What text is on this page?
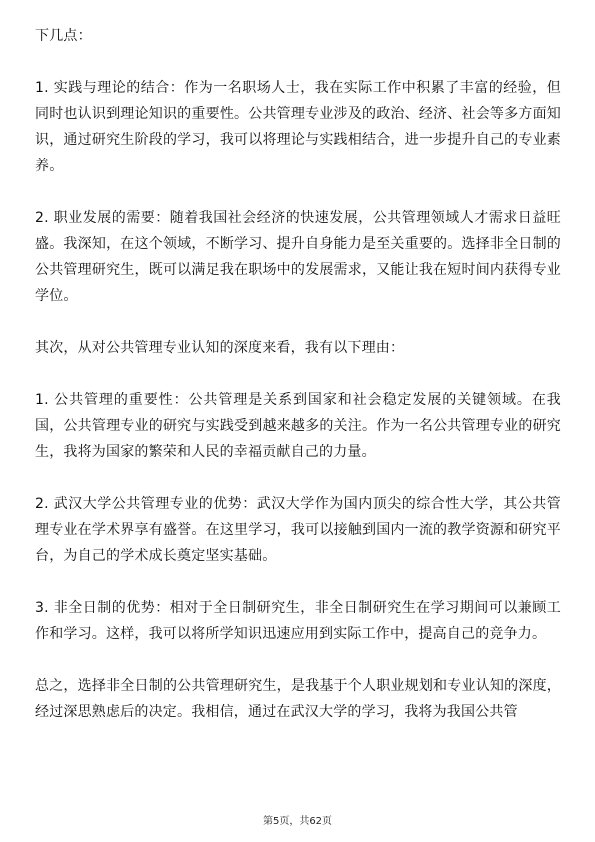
下几点：

1. 实践与理论的结合：作为一名职场人士，我在实际工作中积累了丰富的经验，但同时也认识到理论知识的重要性。公共管理专业涉及的政治、经济、社会等多方面知识，通过研究生阶段的学习，我可以将理论与实践相结合，进一步提升自己的专业素养。

2. 职业发展的需要：随着我国社会经济的快速发展，公共管理领域人才需求日益旺盛。我深知，在这个领域，不断学习、提升自身能力是至关重要的。选择非全日制的公共管理研究生，既可以满足我在职场中的发展需求，又能让我在短时间内获得专业学位。

其次，从对公共管理专业认知的深度来看，我有以下理由：

1. 公共管理的重要性：公共管理是关系到国家和社会稳定发展的关键领域。在我国，公共管理专业的研究与实践受到越来越多的关注。作为一名公共管理专业的研究生，我将为国家的繁荣和人民的幸福贡献自己的力量。

2. 武汉大学公共管理专业的优势：武汉大学作为国内顶尖的综合性大学，其公共管理专业在学术界享有盛誉。在这里学习，我可以接触到国内一流的教学资源和研究平台，为自己的学术成长奠定坚实基础。

3. 非全日制的优势：相对于全日制研究生，非全日制研究生在学习期间可以兼顾工作和学习。这样，我可以将所学知识迅速应用到实际工作中，提高自己的竞争力。

总之，选择非全日制的公共管理研究生，是我基于个人职业规划和专业认知的深度，经过深思熟虑后的决定。我相信，通过在武汉大学的学习，我将为我国公共管

第5页，共62页
